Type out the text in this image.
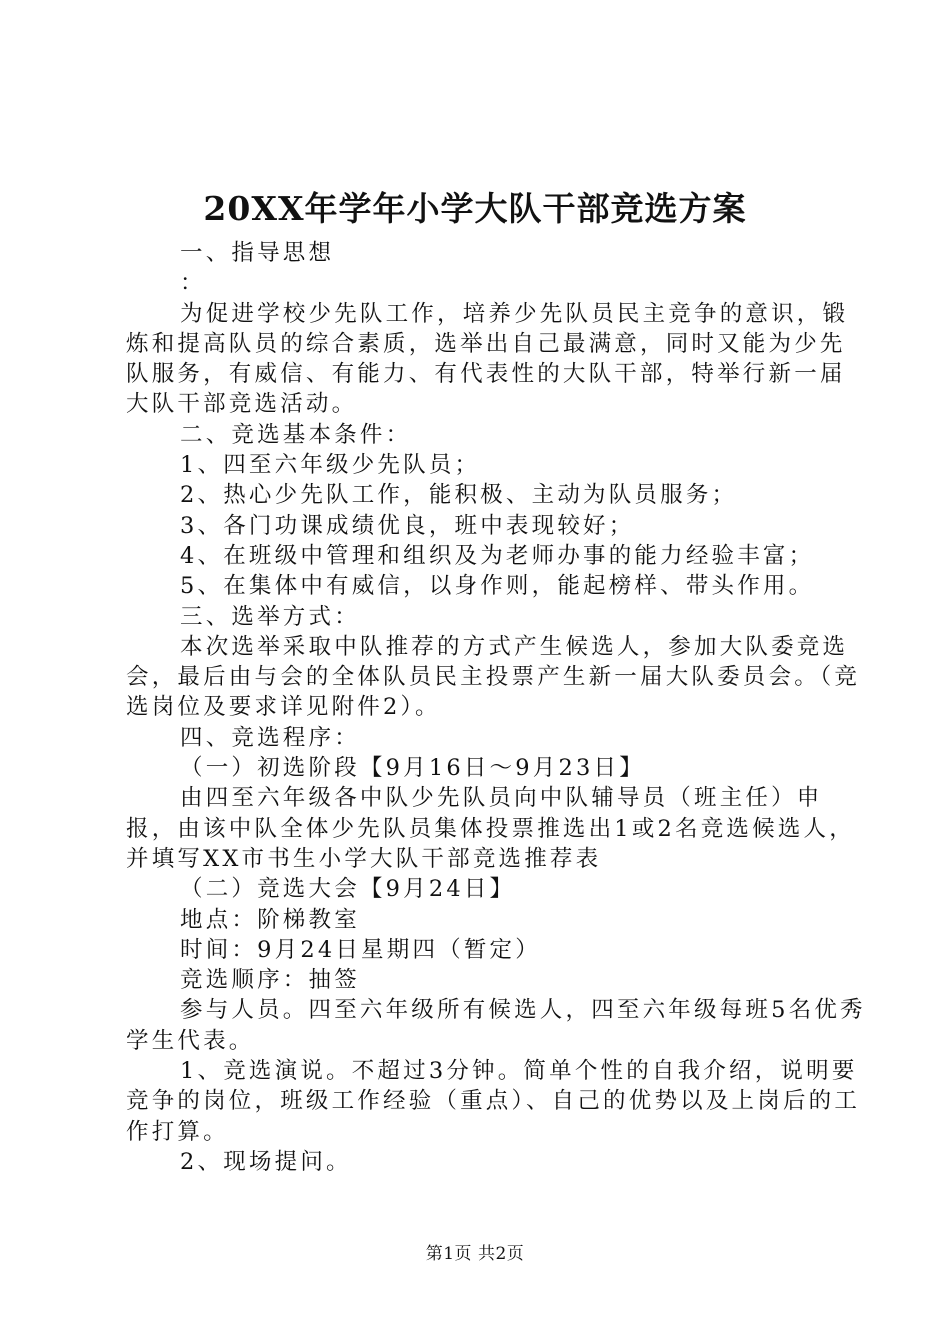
20XX年学年小学大队干部竞选方案

一、指导思想

：

为促进学校少先队工作，培养少先队员民主竞争的意识，锻炼和提高队员的综合素质，选举出自己最满意，同时又能为少先队服务，有威信、有能力、有代表性的大队干部，特举行新一届大队干部竞选活动。

二、竞选基本条件：

1、四至六年级少先队员；

2、热心少先队工作，能积极、主动为队员服务；

3、各门功课成绩优良，班中表现较好；

4、在班级中管理和组织及为老师办事的能力经验丰富；

5、在集体中有威信，以身作则，能起榜样、带头作用。

三、选举方式：

本次选举采取中队推荐的方式产生候选人，参加大队委竞选会，最后由与会的全体队员民主投票产生新一届大队委员会。（竞选岗位及要求详见附件2）。

四、竞选程序：

（一）初选阶段【9月16日～9月23日】

由四至六年级各中队少先队员向中队辅导员（班主任）申报，由该中队全体少先队员集体投票推选出1或2名竞选候选人，并填写XX市书生小学大队干部竞选推荐表

（二）竞选大会【9月24日】

地点：阶梯教室

时间：9月24日星期四（暂定）

竞选顺序：抽签

参与人员。四至六年级所有候选人，四至六年级每班5名优秀学生代表。

1、竞选演说。不超过3分钟。简单个性的自我介绍，说明要竞争的岗位，班级工作经验（重点）、自己的优势以及上岗后的工作打算。

2、现场提问。

第1页 共2页
